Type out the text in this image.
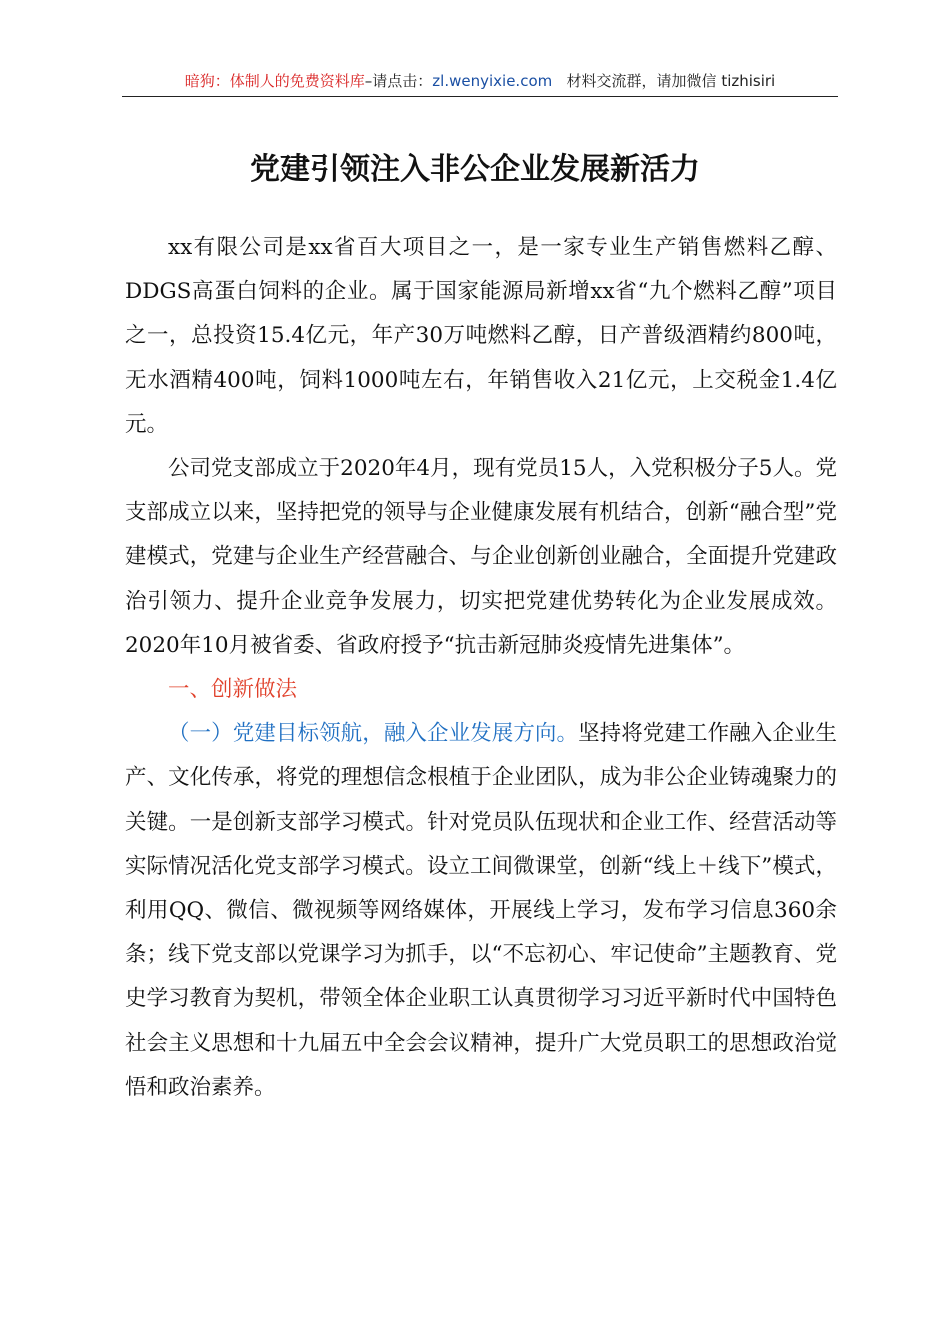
暗狗：体制人的免费资料库–请点击：zl.wenyixie.com 材料交流群，请加微信 tizhisiri
党建引领注入非公企业发展新活力

xx有限公司是xx省百大项目之一，是一家专业生产销售燃料乙醇、DDGS高蛋白饲料的企业。属于国家能源局新增xx省“九个燃料乙醇”项目之一，总投资15.4亿元，年产30万吨燃料乙醇，日产普级酒精约800吨，无水酒精400吨，饲料1000吨左右，年销售收入21亿元，上交税金1.4亿元。

公司党支部成立于2020年4月，现有党员15人，入党积极分子5人。党支部成立以来，坚持把党的领导与企业健康发展有机结合，创新“融合型”党建模式，党建与企业生产经营融合、与企业创新创业融合，全面提升党建政治引领力、提升企业竞争发展力，切实把党建优势转化为企业发展成效。2020年10月被省委、省政府授予“抗击新冠肺炎疫情先进集体”。

一、创新做法

（一）党建目标领航，融入企业发展方向。坚持将党建工作融入企业生产、文化传承，将党的理想信念根植于企业团队，成为非公企业铸魂聚力的关键。一是创新支部学习模式。针对党员队伍现状和企业工作、经营活动等实际情况活化党支部学习模式。设立工间微课堂，创新“线上＋线下”模式，利用QQ、微信、微视频等网络媒体，开展线上学习，发布学习信息360余条；线下党支部以党课学习为抓手，以“不忘初心、牢记使命”主题教育、党史学习教育为契机，带领全体企业职工认真贯彻学习习近平新时代中国特色社会主义思想和十九届五中全会会议精神，提升广大党员职工的思想政治觉悟和政治素养。
